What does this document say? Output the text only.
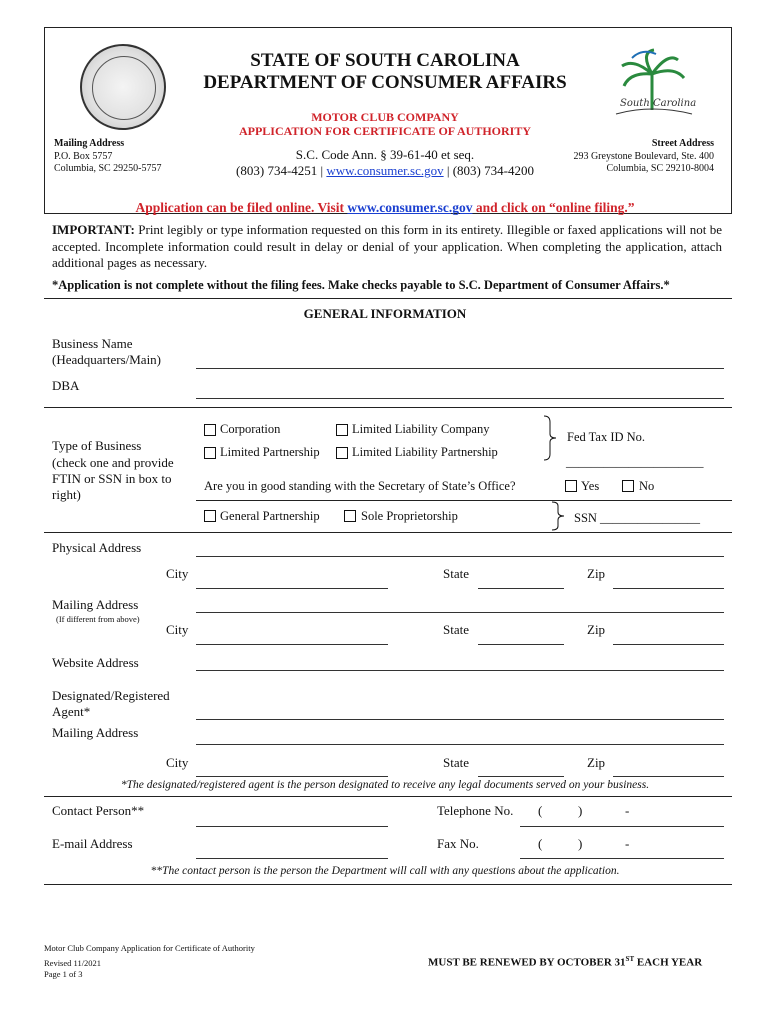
South Carolina
STATE OF SOUTH CAROLINA
DEPARTMENT OF CONSUMER AFFAIRS
MOTOR CLUB COMPANY
APPLICATION FOR CERTIFICATE OF AUTHORITY
S.C. Code Ann. § 39-61-40 et seq.
(803) 734-4251 | www.consumer.sc.gov | (803) 734-4200
Mailing Address
P.O. Box 5757
Columbia, SC 29250-5757
Street Address
293 Greystone Boulevard, Ste. 400
Columbia, SC 29210-8004
Application can be filed online. Visit www.consumer.sc.gov and click on “online filing.”
IMPORTANT: Print legibly or type information requested on this form in its entirety. Illegible or faxed applications will not be accepted. Incomplete information could result in delay or denial of your application. When completing the application, attach additional pages as necessary.
*Application is not complete without the filing fees. Make checks payable to S.C. Department of Consumer Affairs.*
GENERAL INFORMATION
Business Name
(Headquarters/Main)
DBA
Type of Business
(check one and provide
FTIN or SSN in box to
right)
Corporation	Limited Liability Company
Limited Partnership	Limited Liability Partnership
Fed Tax ID No.
______________________
Are you in good standing with the Secretary of State’s Office?	Yes	No
General Partnership	Sole Proprietorship	SSN ________________
Physical Address
City	State	Zip
Mailing Address
(If different from above)
City	State	Zip
Website Address
Designated/Registered
Agent*
Mailing Address
City	State	Zip
*The designated/registered agent is the person designated to receive any legal documents served on your business.
Contact Person**	Telephone No. (	)	-
E-mail Address	Fax No.	(	)	-
**The contact person is the person the Department will call with any questions about the application.
Motor Club Company Application for Certificate of Authority
Revised 11/2021
Page 1 of 3
MUST BE RENEWED BY OCTOBER 31ST EACH YEAR
